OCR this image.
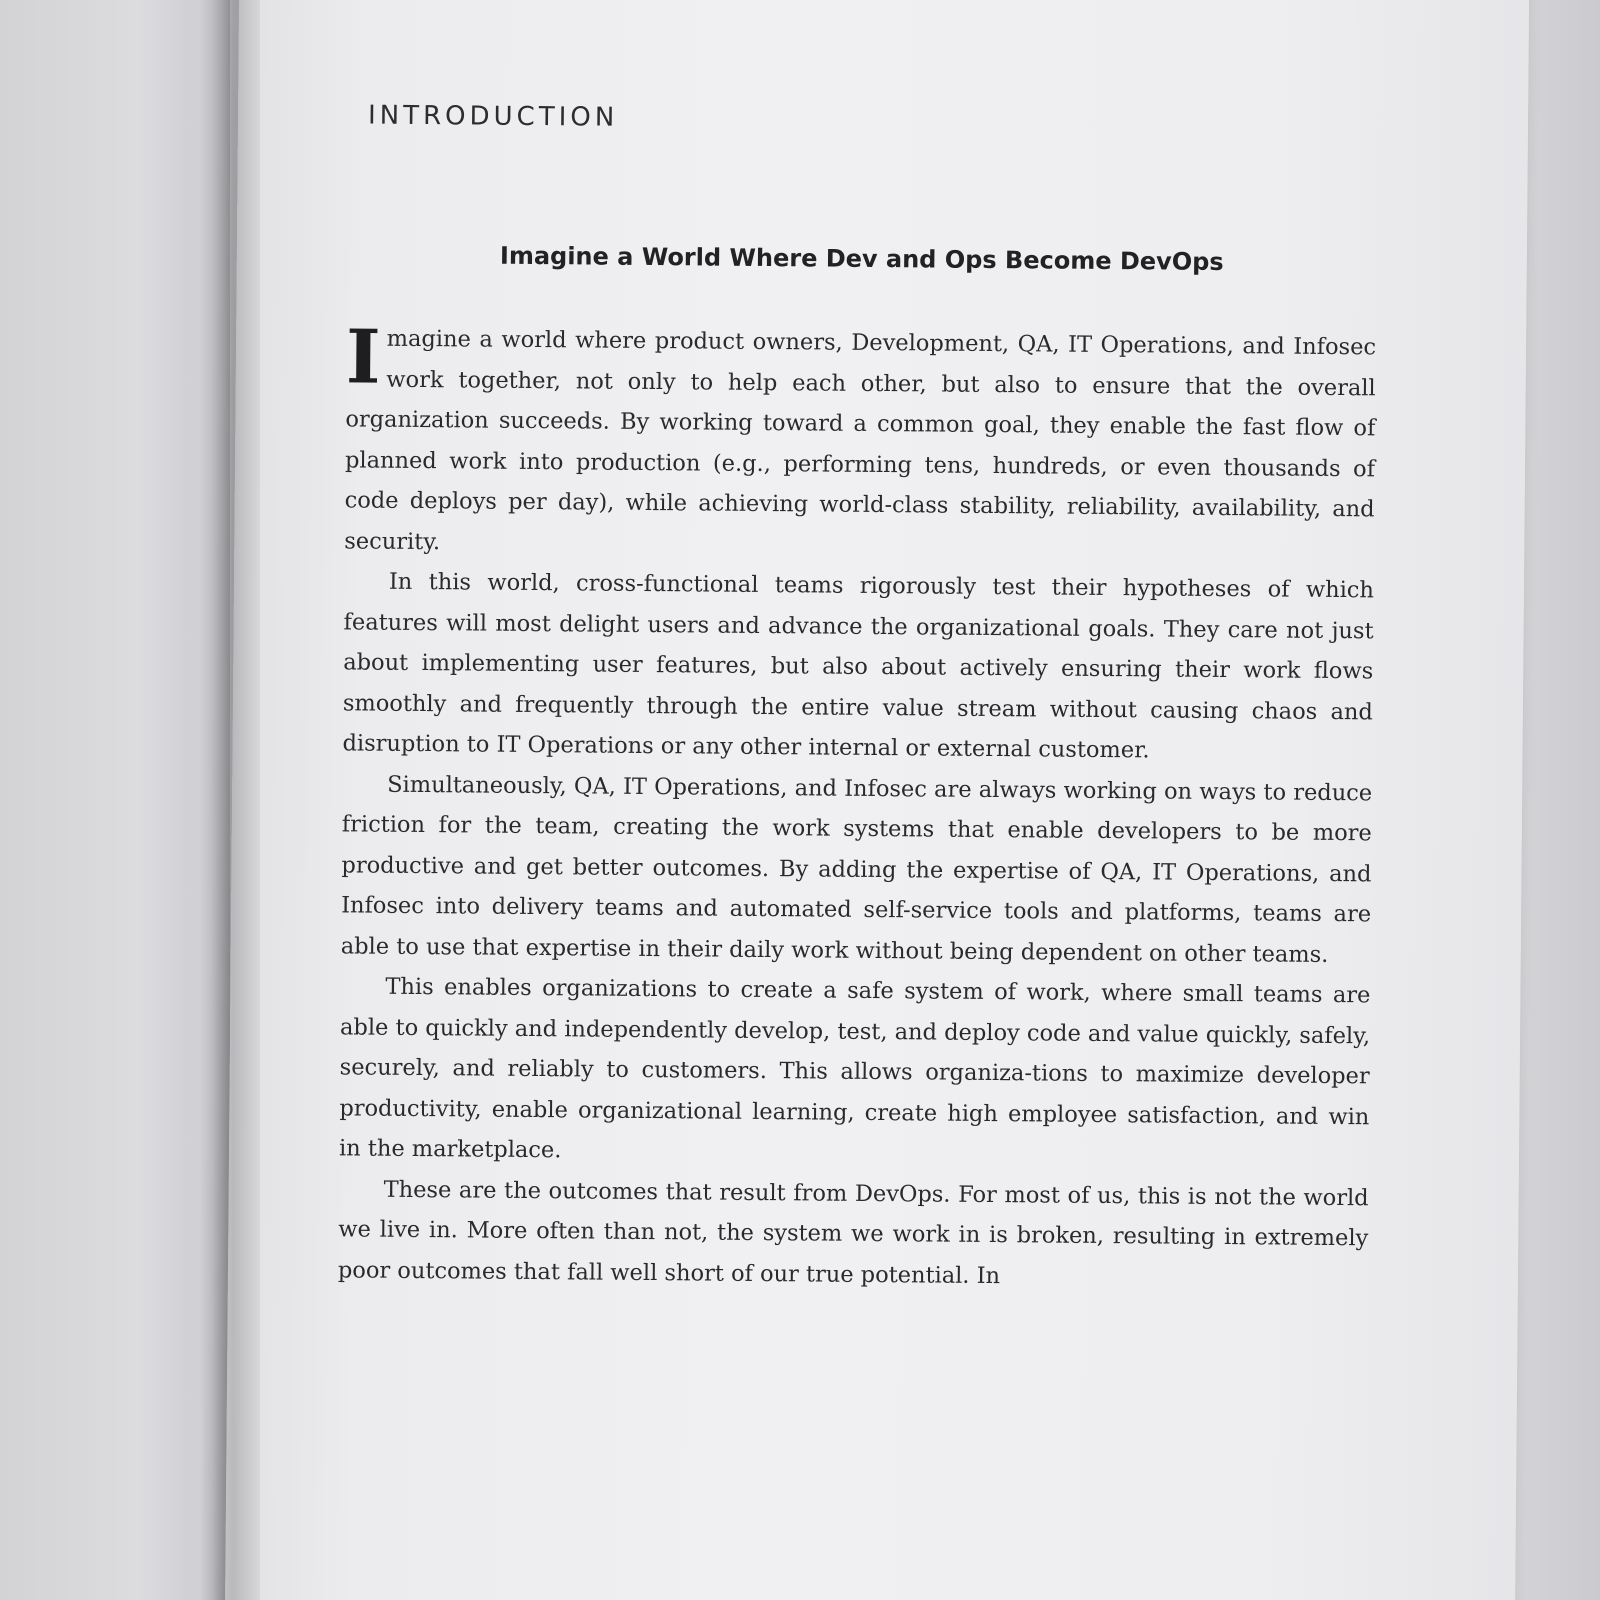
INTRODUCTION
Imagine a World Where Dev and Ops Become DevOps

Imagine a world where product owners, Development, QA, IT Operations, and Infosec work together, not only to help each other, but also to ensure that the overall organization succeeds. By working toward a common goal, they enable the fast flow of planned work into production (e.g., performing tens, hundreds, or even thousands of code deploys per day), while achieving world-class stability, reliability, availability, and security.

In this world, cross-functional teams rigorously test their hypotheses of which features will most delight users and advance the organizational goals. They care not just about implementing user features, but also about actively ensuring their work flows smoothly and frequently through the entire value stream without causing chaos and disruption to IT Operations or any other internal or external customer.

Simultaneously, QA, IT Operations, and Infosec are always working on ways to reduce friction for the team, creating the work systems that enable developers to be more productive and get better outcomes. By adding the expertise of QA, IT Operations, and Infosec into delivery teams and automated self-service tools and platforms, teams are able to use that expertise in their daily work without being dependent on other teams.

This enables organizations to create a safe system of work, where small teams are able to quickly and independently develop, test, and deploy code and value quickly, safely, securely, and reliably to customers. This allows organiza-tions to maximize developer productivity, enable organizational learning, create high employee satisfaction, and win in the marketplace.

These are the outcomes that result from DevOps. For most of us, this is not the world we live in. More often than not, the system we work in is broken, resulting in extremely poor outcomes that fall well short of our true potential. In
